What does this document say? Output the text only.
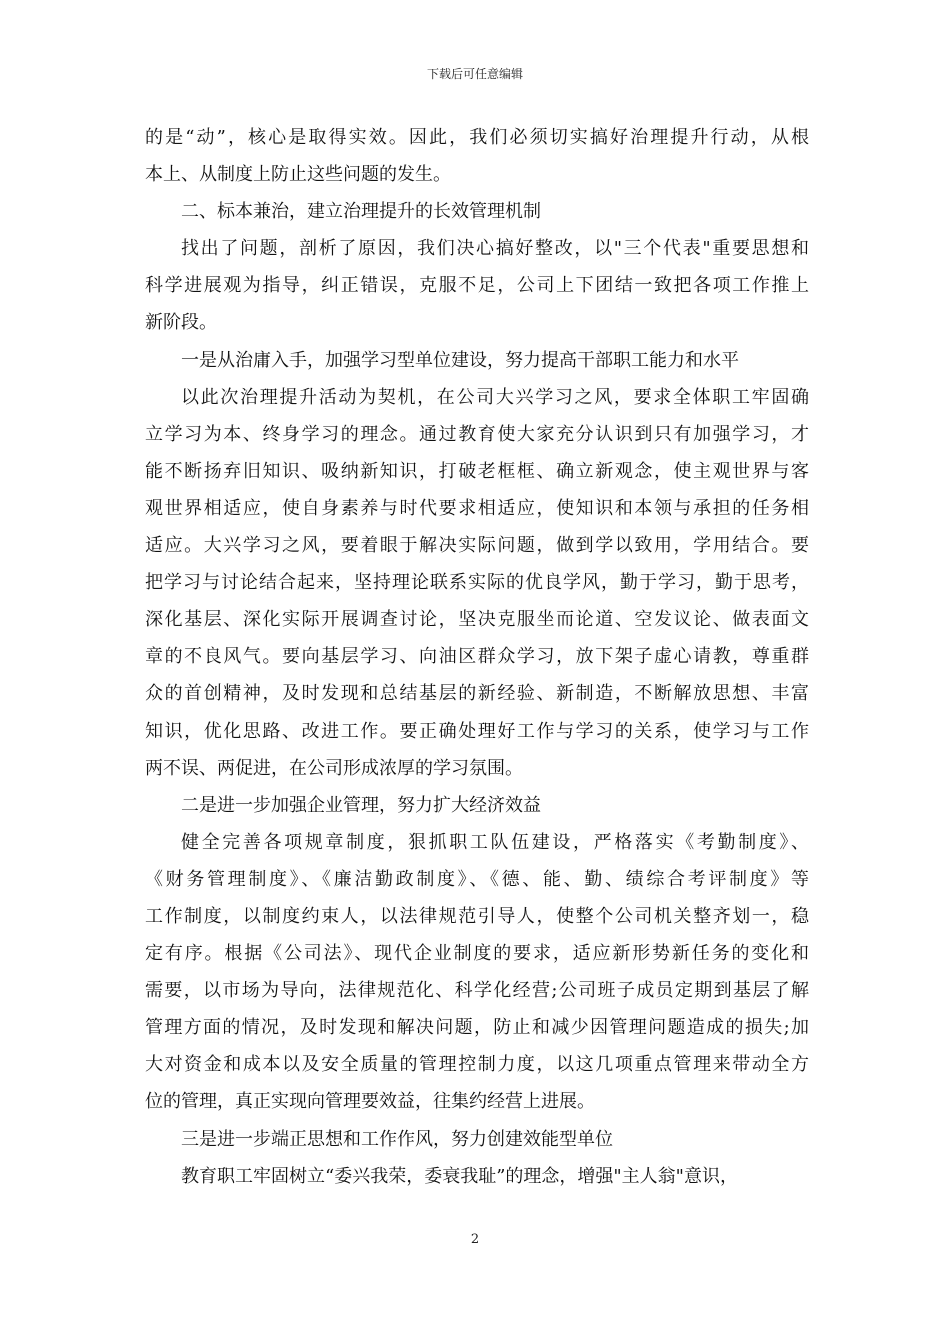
下载后可任意编辑
的是“动”，核心是取得实效。因此，我们必须切实搞好治理提升行动，从根
本上、从制度上防止这些问题的发生。
二、标本兼治，建立治理提升的长效管理机制
找出了问题，剖析了原因，我们决心搞好整改，以"三个代表"重要思想和
科学进展观为指导，纠正错误，克服不足，公司上下团结一致把各项工作推上
新阶段。
一是从治庸入手，加强学习型单位建设，努力提高干部职工能力和水平
以此次治理提升活动为契机，在公司大兴学习之风，要求全体职工牢固确
立学习为本、终身学习的理念。通过教育使大家充分认识到只有加强学习，才
能不断扬弃旧知识、吸纳新知识，打破老框框、确立新观念，使主观世界与客
观世界相适应，使自身素养与时代要求相适应，使知识和本领与承担的任务相
适应。大兴学习之风，要着眼于解决实际问题，做到学以致用，学用结合。要
把学习与讨论结合起来，坚持理论联系实际的优良学风，勤于学习，勤于思考，
深化基层、深化实际开展调查讨论，坚决克服坐而论道、空发议论、做表面文
章的不良风气。要向基层学习、向油区群众学习，放下架子虚心请教，尊重群
众的首创精神，及时发现和总结基层的新经验、新制造，不断解放思想、丰富
知识，优化思路、改进工作。要正确处理好工作与学习的关系，使学习与工作
两不误、两促进，在公司形成浓厚的学习氛围。
二是进一步加强企业管理，努力扩大经济效益
健全完善各项规章制度，狠抓职工队伍建设，严格落实《考勤制度》、
《财务管理制度》、《廉洁勤政制度》、《德、能、勤、绩综合考评制度》等
工作制度，以制度约束人，以法律规范引导人，使整个公司机关整齐划一，稳
定有序。根据《公司法》、现代企业制度的要求，适应新形势新任务的变化和
需要，以市场为导向，法律规范化、科学化经营;公司班子成员定期到基层了解
管理方面的情况，及时发现和解决问题，防止和减少因管理问题造成的损失;加
大对资金和成本以及安全质量的管理控制力度，以这几项重点管理来带动全方
位的管理，真正实现向管理要效益，往集约经营上进展。
三是进一步端正思想和工作作风，努力创建效能型单位
教育职工牢固树立“委兴我荣，委衰我耻”的理念，增强"主人翁"意识，
2
